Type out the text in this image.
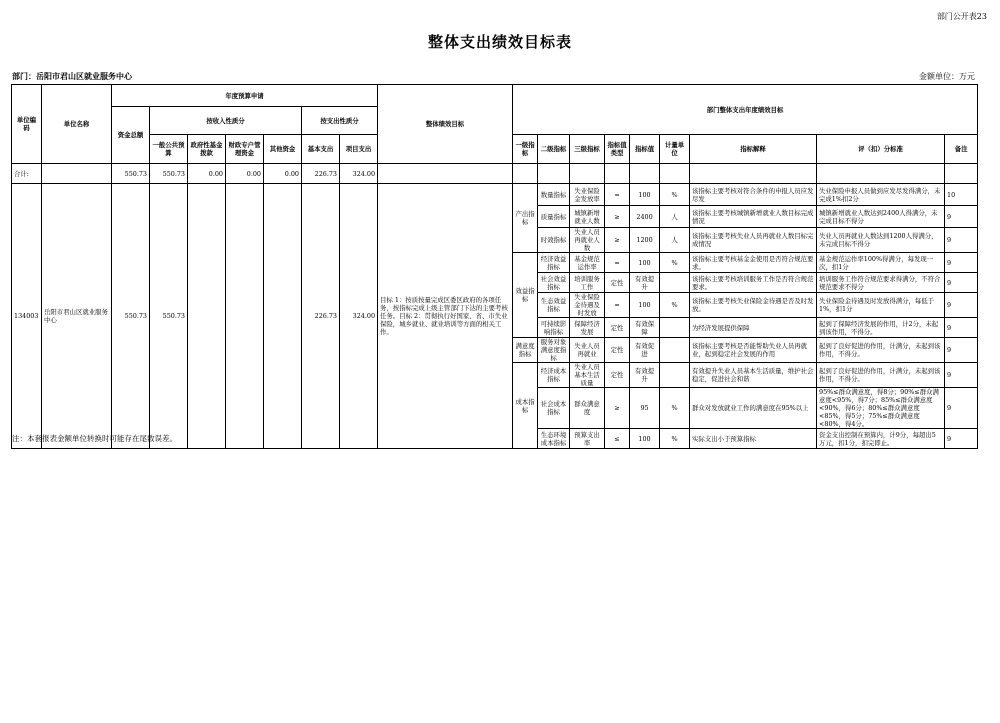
部门公开表23
整体支出绩效目标表
部门：岳阳市君山区就业服务中心	金额单位：万元
单位编码	单位名称	年度预算申请							整体绩效目标	部门整体支出年度绩效目标								
		资金总额	按收入性质分				按支出性质分											
			一般公共预算	政府性基金拨款	财政专户管理资金	其他资金	基本支出	项目支出		一级指标	二级指标	三级指标	指标值类型	指标值	计量单位	指标解释	评（扣）分标准	备注
合计:		550.73	550.73	0.00	0.00	0.00	226.73	324.00										
134003	岳阳市君山区就业服务中心	550.73	550.73				226.73	324.00	目标 1：按质按量完成区委区政府的各项任务，按指标完成上级主管部门下达的主要考核任务。目标 2：贯彻执行好国家、省、市失业保险，城乡就业、就业培训等方面的相关工作。	产出指标	数量指标	失业保险金发放率	=	100	%	该指标主要考核对符合条件的申报人员应发尽发	失业保险申报人员做到应发尽发得满分，未完成1%扣2分	10
											质量指标	城镇新增就业人数	≥	2400	人	该指标主要考核城镇新增就业人数目标完成情况	城镇新增就业人数达到2400人得满分，未完成目标不得分	9
											时效指标	失业人员再就业人数	≥	1200	人	该指标主要考核失业人员再就业人数目标完成情况	失业人员再就业人数达到1200人得满分，未完成目标不得分	9
										效益指标	经济效益指标	基金规范运作率	=	100	%	该指标主要考核基金金使用是否符合规范要求。	基金规范运作率100%得满分，每发现一次，扣1分	9
											社会效益指标	培训服务工作	定性	有效提升		该指标主要考核培训服务工作是否符合规范要求。	培训服务工作符合规范要求得满分，不符合规范要求不得分	9
											生态效益指标	失业保险金待遇及时发放	=	100	%	该指标主要考核失业保险金待遇是否及时发放。	失业保险金待遇及时发放得满分，每低于1%，扣1分	9
											可持续影响指标	保障经济发展	定性	有效保障		为经济发展提供保障	起到了保障经济发展的作用，计2分，未起到该作用，不得分。	9
										满意度指标	服务对象满意度指标	失业人员再就业	定性	有效促进		该指标主要考核是否能帮助失业人员再就业，起到稳定社会发展的作用	起到了良好促进的作用，计满分，未起到该作用，不得分。	9
										成本指标	经济成本指标	失业人员基本生活质量	定性	有效提升		有效提升失业人员基本生活质量，维护社会稳定，促进社会和谐	起到了良好促进的作用，计满分，未起到该作用，不得分。	9
											社会成本指标	群众满意度	≥	95	%	群众对发放就业工作的满意度在95%以上	95%≤群众满意度，得8分；90%≤群众满意度<95%，得7分；85%≤群众满意度<90%，得6分；80%≤群众满意度<85%，得5分；75%≤群众满意度<80%，得4分。	9
											生态环境成本指标	预算支出率	≤	100	%	实际支出小于预算指标	资金支出控制在预算内，计9分，每超出5万元，扣1分，扣完即止。	9
注：本套报表金额单位转换时可能存在尾数误差。
